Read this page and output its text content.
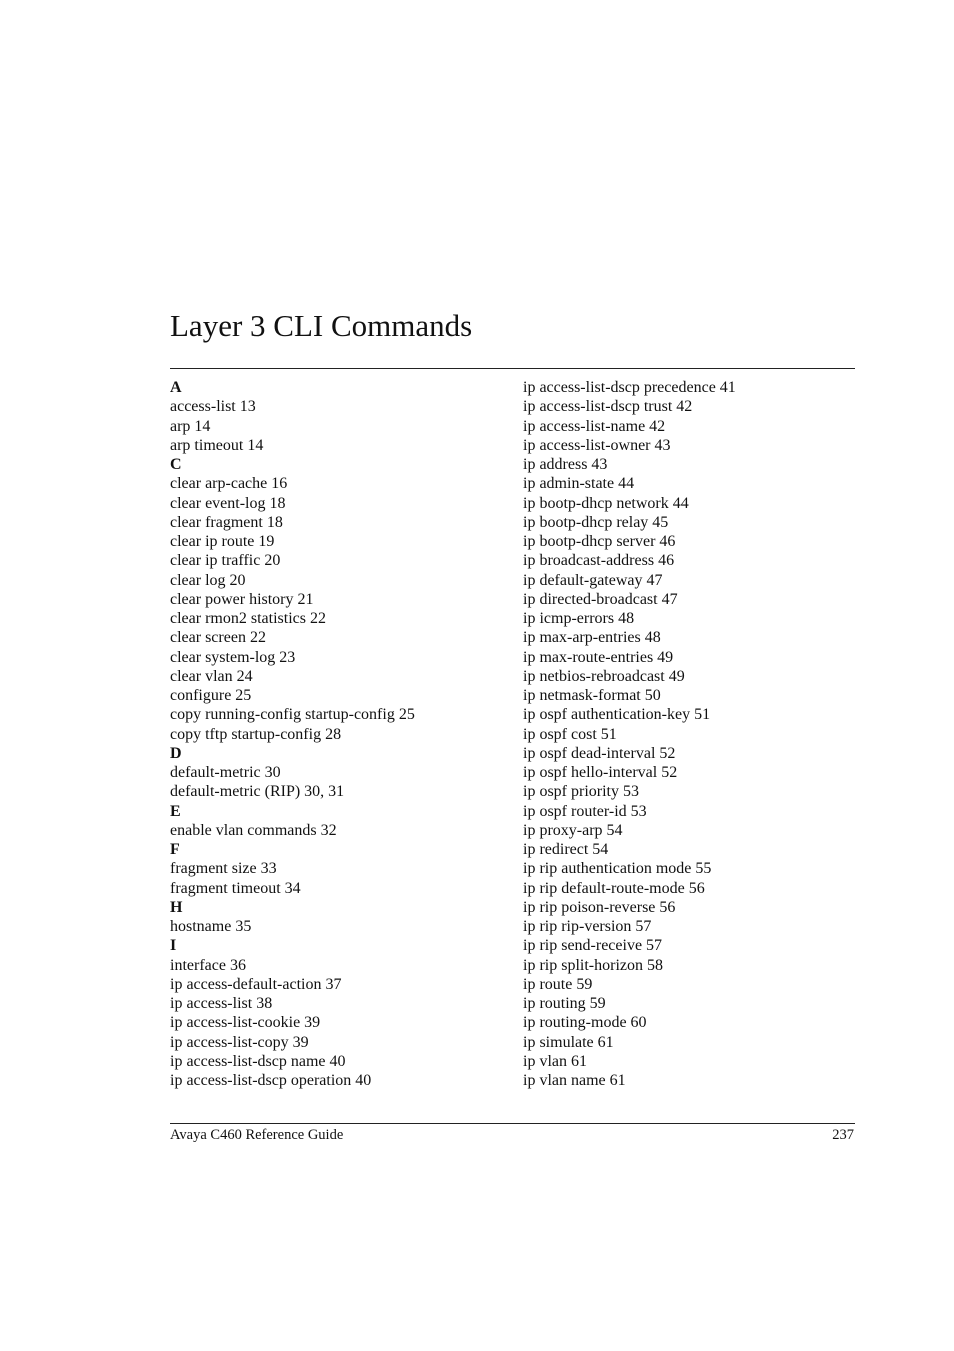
Layer 3 CLI Commands
A
access-list 13
arp 14
arp timeout 14
C
clear arp-cache 16
clear event-log 18
clear fragment 18
clear ip route 19
clear ip traffic 20
clear log 20
clear power history 21
clear rmon2 statistics 22
clear screen 22
clear system-log 23
clear vlan 24
configure 25
copy running-config startup-config 25
copy tftp startup-config 28
D
default-metric 30
default-metric (RIP) 30, 31
E
enable vlan commands 32
F
fragment size 33
fragment timeout 34
H
hostname 35
I
interface 36
ip access-default-action 37
ip access-list 38
ip access-list-cookie 39
ip access-list-copy 39
ip access-list-dscp name 40
ip access-list-dscp operation 40
ip access-list-dscp precedence 41
ip access-list-dscp trust 42
ip access-list-name 42
ip access-list-owner 43
ip address 43
ip admin-state 44
ip bootp-dhcp network 44
ip bootp-dhcp relay 45
ip bootp-dhcp server 46
ip broadcast-address 46
ip default-gateway 47
ip directed-broadcast 47
ip icmp-errors 48
ip max-arp-entries 48
ip max-route-entries 49
ip netbios-rebroadcast 49
ip netmask-format 50
ip ospf authentication-key 51
ip ospf cost 51
ip ospf dead-interval 52
ip ospf hello-interval 52
ip ospf priority 53
ip ospf router-id 53
ip proxy-arp 54
ip redirect 54
ip rip authentication mode 55
ip rip default-route-mode 56
ip rip poison-reverse 56
ip rip rip-version 57
ip rip send-receive 57
ip rip split-horizon 58
ip route 59
ip routing 59
ip routing-mode 60
ip simulate 61
ip vlan 61
ip vlan name 61
Avaya C460 Reference Guide	237
